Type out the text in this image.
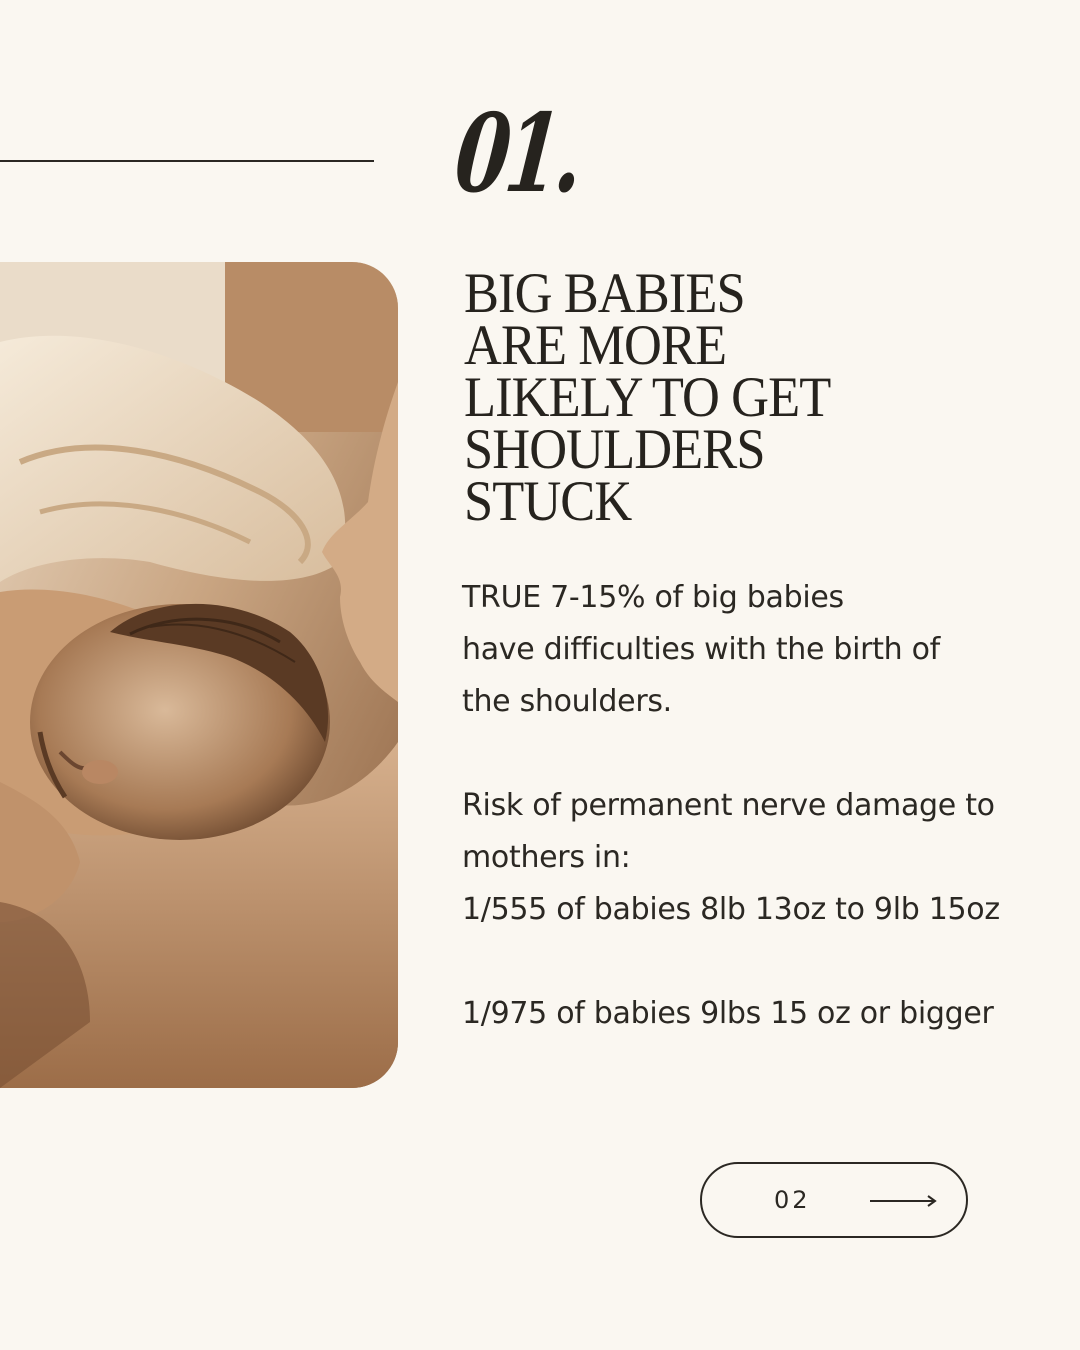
01.
BIG BABIES
ARE MORE
LIKELY TO GET
SHOULDERS
STUCK
TRUE 7-15% of big babies
have difficulties with the birth of
the shoulders.
Risk of permanent nerve damage to
mothers in:
1/555 of babies 8lb 13oz to 9lb 15oz
1/975 of babies 9lbs 15 oz or bigger
02
